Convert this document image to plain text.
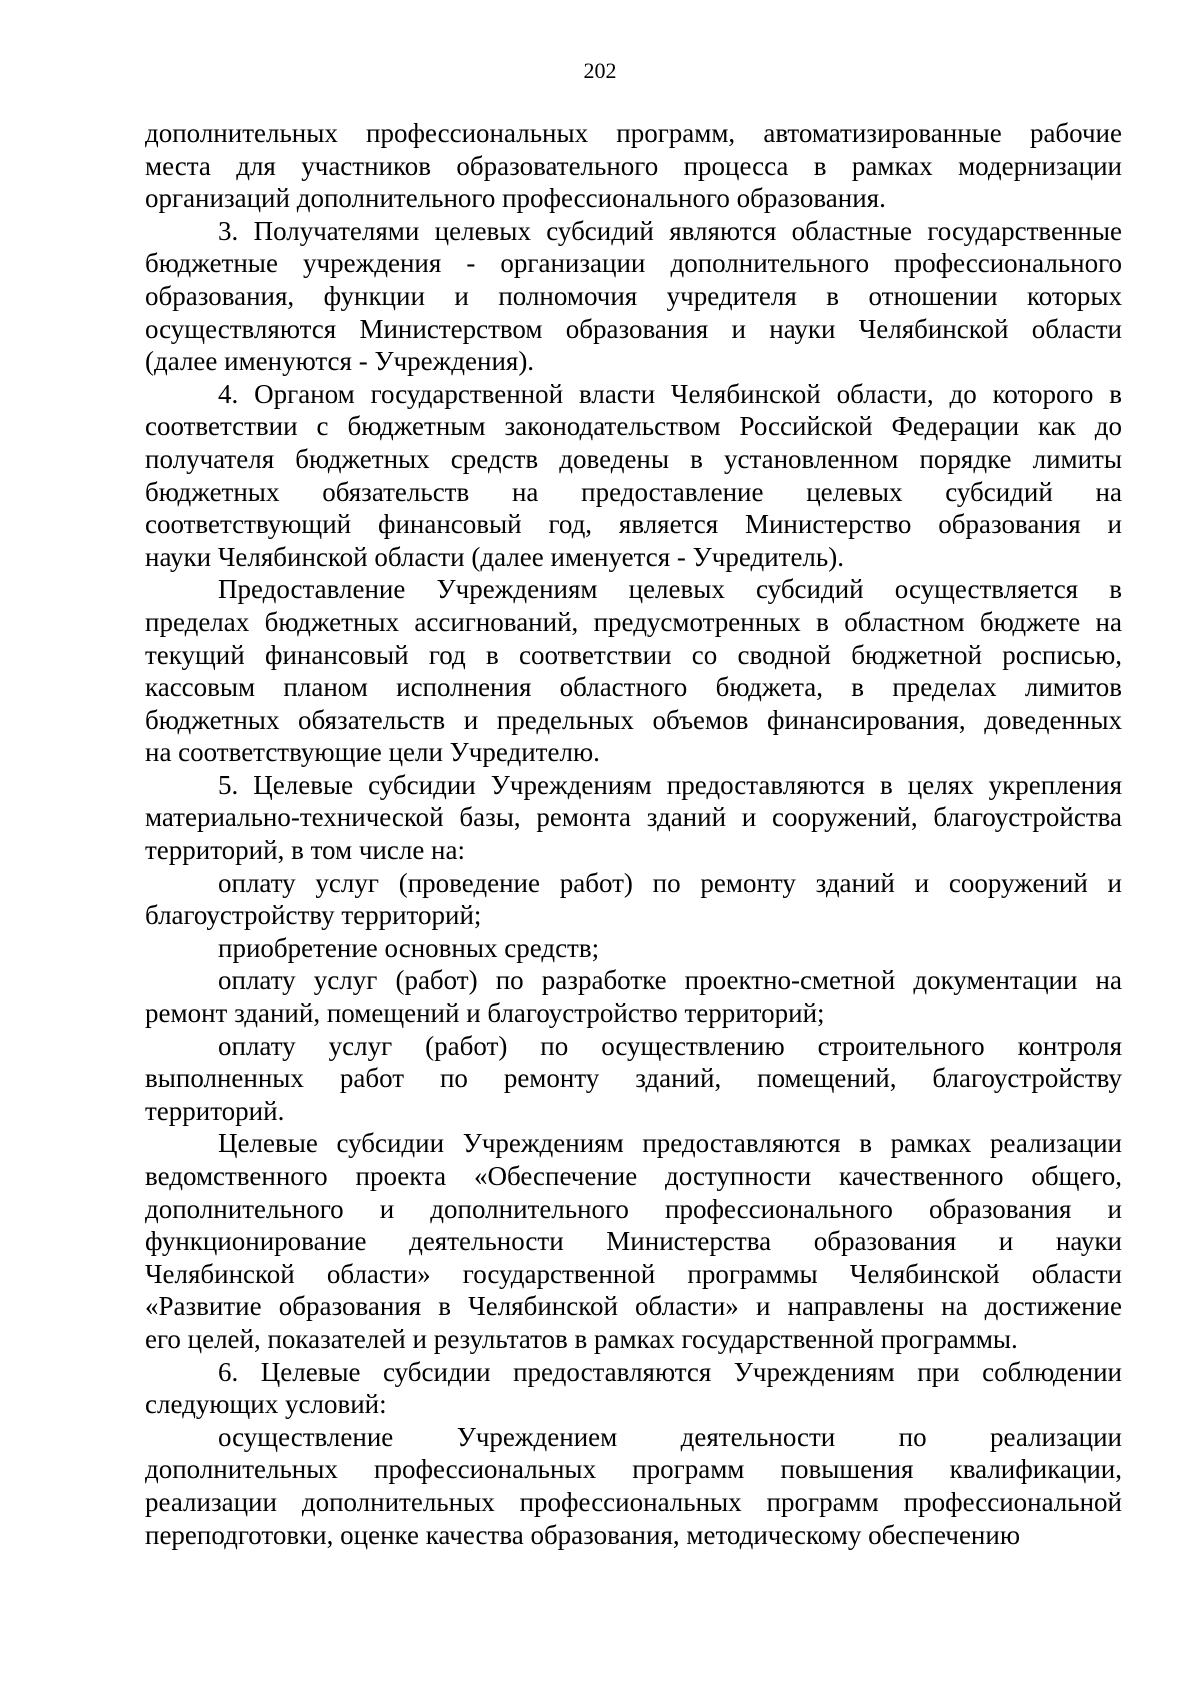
202
дополнительных профессиональных программ, автоматизированные рабочие
места для участников образовательного процесса в рамках модернизации
организаций дополнительного профессионального образования.
3. Получателями целевых субсидий являются областные государственные
бюджетные учреждения - организации дополнительного профессионального
образования, функции и полномочия учредителя в отношении которых
осуществляются Министерством образования и науки Челябинской области
(далее именуются - Учреждения).
4. Органом государственной власти Челябинской области, до которого в
соответствии с бюджетным законодательством Российской Федерации как до
получателя бюджетных средств доведены в установленном порядке лимиты
бюджетных обязательств на предоставление целевых субсидий на
соответствующий финансовый год, является Министерство образования и
науки Челябинской области (далее именуется - Учредитель).
Предоставление Учреждениям целевых субсидий осуществляется в
пределах бюджетных ассигнований, предусмотренных в областном бюджете на
текущий финансовый год в соответствии со сводной бюджетной росписью,
кассовым планом исполнения областного бюджета, в пределах лимитов
бюджетных обязательств и предельных объемов финансирования, доведенных
на соответствующие цели Учредителю.
5. Целевые субсидии Учреждениям предоставляются в целях укрепления
материально-технической базы, ремонта зданий и сооружений, благоустройства
территорий, в том числе на:
оплату услуг (проведение работ) по ремонту зданий и сооружений и
благоустройству территорий;
приобретение основных средств;
оплату услуг (работ) по разработке проектно-сметной документации на
ремонт зданий, помещений и благоустройство территорий;
оплату услуг (работ) по осуществлению строительного контроля
выполненных работ по ремонту зданий, помещений, благоустройству
территорий.
Целевые субсидии Учреждениям предоставляются в рамках реализации
ведомственного проекта «Обеспечение доступности качественного общего,
дополнительного и дополнительного профессионального образования и
функционирование деятельности Министерства образования и науки
Челябинской области» государственной программы Челябинской области
«Развитие образования в Челябинской области» и направлены на достижение
его целей, показателей и результатов в рамках государственной программы.
6. Целевые субсидии предоставляются Учреждениям при соблюдении
следующих условий:
осуществление Учреждением деятельности по реализации
дополнительных профессиональных программ повышения квалификации,
реализации дополнительных профессиональных программ профессиональной
переподготовки, оценке качества образования, методическому обеспечению
